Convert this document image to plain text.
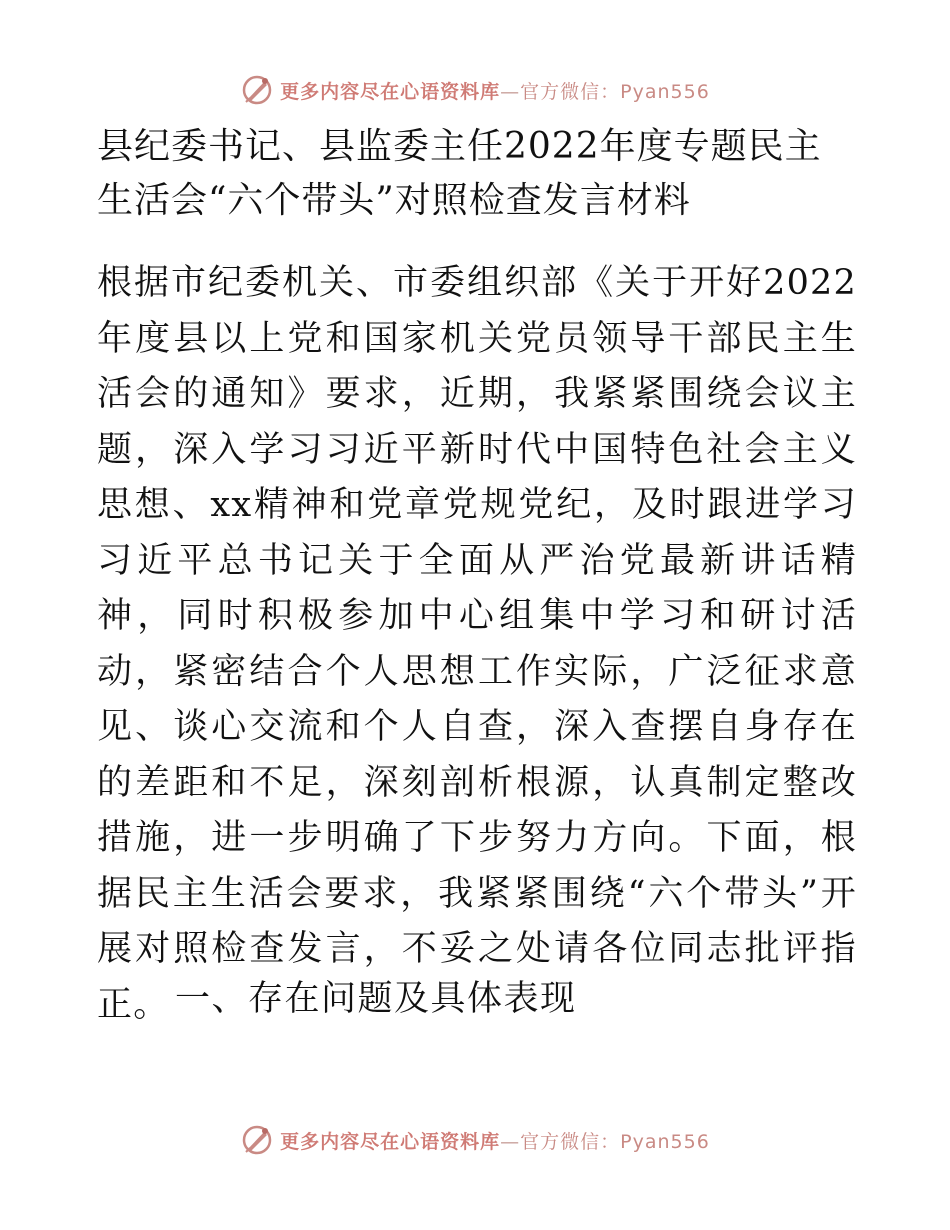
更多内容尽在心语资料库—官方微信：Pyan556
县纪委书记、县监委主任2022年度专题民主生活会“六个带头”对照检查发言材料

根据市纪委机关、市委组织部《关于开好2022年度县以上党和国家机关党员领导干部民主生活会的通知》要求，近期，我紧紧围绕会议主题，深入学习习近平新时代中国特色社会主义思想、xx精神和党章党规党纪，及时跟进学习习近平总书记关于全面从严治党最新讲话精神，同时积极参加中心组集中学习和研讨活动，紧密结合个人思想工作实际，广泛征求意见、谈心交流和个人自查，深入查摆自身存在的差距和不足，深刻剖析根源，认真制定整改措施，进一步明确了下步努力方向。下面，根据民主生活会要求，我紧紧围绕“六个带头”开展对照检查发言，不妥之处请各位同志批评指正。 一、存在问题及具体表现
更多内容尽在心语资料库—官方微信：Pyan556
